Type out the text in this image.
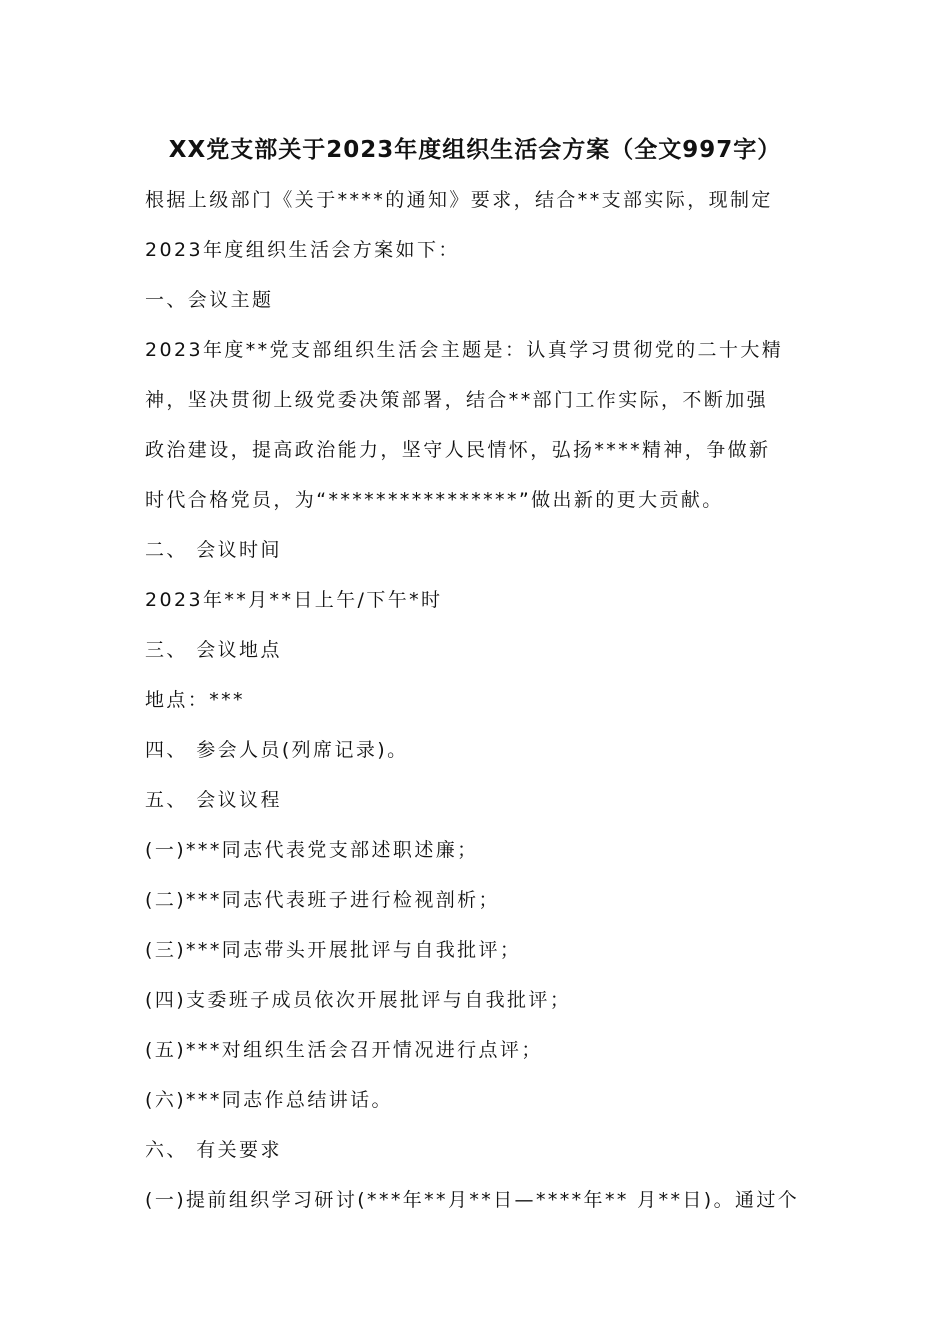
XX党支部关于2023年度组织生活会方案（全文997字）

根据上级部门《关于****的通知》要求，结合**支部实际，现制定

2023年度组织生活会方案如下：

一、会议主题

2023年度**党支部组织生活会主题是：认真学习贯彻党的二十大精

神，坚决贯彻上级党委决策部署，结合**部门工作实际，不断加强

政治建设，提高政治能力，坚守人民情怀，弘扬****精神，争做新

时代合格党员，为“****************”做出新的更大贡献。

二、 会议时间

2023年**月**日上午/下午*时

三、 会议地点

地点：***

四、 参会人员(列席记录)。

五、 会议议程

(一)***同志代表党支部述职述廉；

(二)***同志代表班子进行检视剖析；

(三)***同志带头开展批评与自我批评；

(四)支委班子成员依次开展批评与自我批评；

(五)***对组织生活会召开情况进行点评；

(六)***同志作总结讲话。

六、 有关要求

(一)提前组织学习研讨(***年**月**日—****年** 月**日)。通过个
